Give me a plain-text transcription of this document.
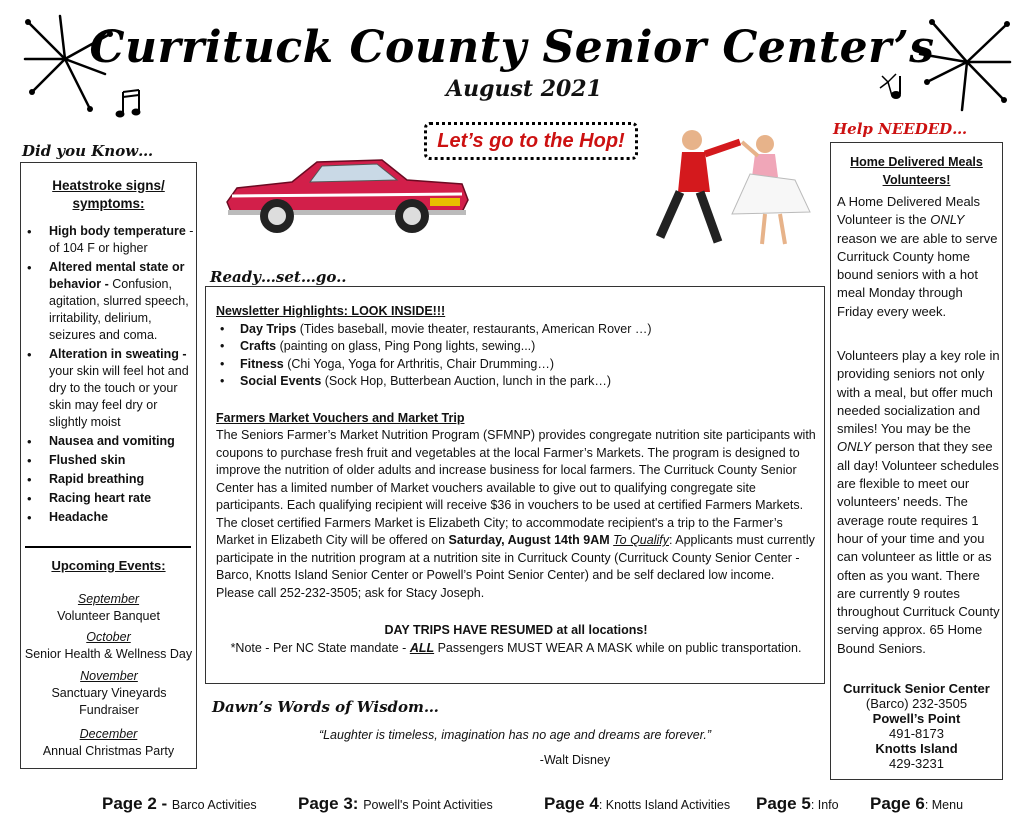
Currituck County Senior Center’s
August 2021
Let’s go to the Hop!
Did you Know…
Heatstroke signs/ symptoms:
• High body temperature - of 104 F or higher
• Altered mental state or behavior - Confusion, agitation, slurred speech, irritability, delirium, seizures and coma.
• Alteration in sweating - your skin will feel hot and dry to the touch or your skin may feel dry or slightly moist
• Nausea and vomiting
• Flushed skin
• Rapid breathing
• Racing heart rate
• Headache
Upcoming Events:
September
Volunteer Banquet
October
Senior Health & Wellness Day
November
Sanctuary Vineyards Fundraiser
December
Annual Christmas Party
Ready…set…go..
Newsletter Highlights: LOOK INSIDE!!!
• Day Trips (Tides baseball, movie theater, restaurants, American Rover …)
• Crafts (painting on glass, Ping Pong lights, sewing...)
• Fitness (Chi Yoga, Yoga for Arthritis, Chair Drumming…)
• Social Events (Sock Hop, Butterbean Auction, lunch in the park…)
Farmers Market Vouchers and Market Trip
The Seniors Farmer’s Market Nutrition Program (SFMNP) provides congregate nutrition site participants with coupons to purchase fresh fruit and vegetables at the local Farmer’s Markets. The program is designed to improve the nutrition of older adults and increase business for local farmers. The Currituck County Senior Center has a limited number of Market vouchers available to give out to qualifying congregate site participants. Each qualifying recipient will receive $36 in vouchers to be used at certified Farmers Markets. The closet certified Farmers Market is Elizabeth City; to accommodate recipient's a trip to the Farmer’s Market in Elizabeth City will be offered on Saturday, August 14th 9AM To Qualify: Applicants must currently participate in the nutrition program at a nutrition site in Currituck County (Currituck County Senior Center - Barco, Knotts Island Senior Center or Powell’s Point Senior Center) and be self declared low income. Please call 252-232-3505; ask for Stacy Joseph.
DAY TRIPS HAVE RESUMED at all locations!
*Note - Per NC State mandate - ALL Passengers MUST WEAR A MASK while on public transportation.
Dawn’s Words of Wisdom…
“Laughter is timeless, imagination has no age and dreams are forever.”
-Walt Disney
Help NEEDED…
Home Delivered Meals Volunteers!
A Home Delivered Meals Volunteer is the ONLY reason we are able to serve Currituck County home bound seniors with a hot meal Monday through Friday every week.
Volunteers play a key role in providing seniors not only with a meal, but offer much needed socialization and smiles! You may be the ONLY person that they see all day! Volunteer schedules are flexible to meet our volunteers’ needs. The average route requires 1 hour of your time and you can volunteer as little or as often as you want. There are currently 9 routes throughout Currituck County serving approx. 65 Home Bound Seniors.
Currituck Senior Center
(Barco) 232-3505
Powell’s Point
491-8173
Knotts Island
429-3231
Page 2 - Barco Activities Page 3: Powell's Point Activities	Page 4: Knotts Island Activities Page 5: Info Page 6: Menu
